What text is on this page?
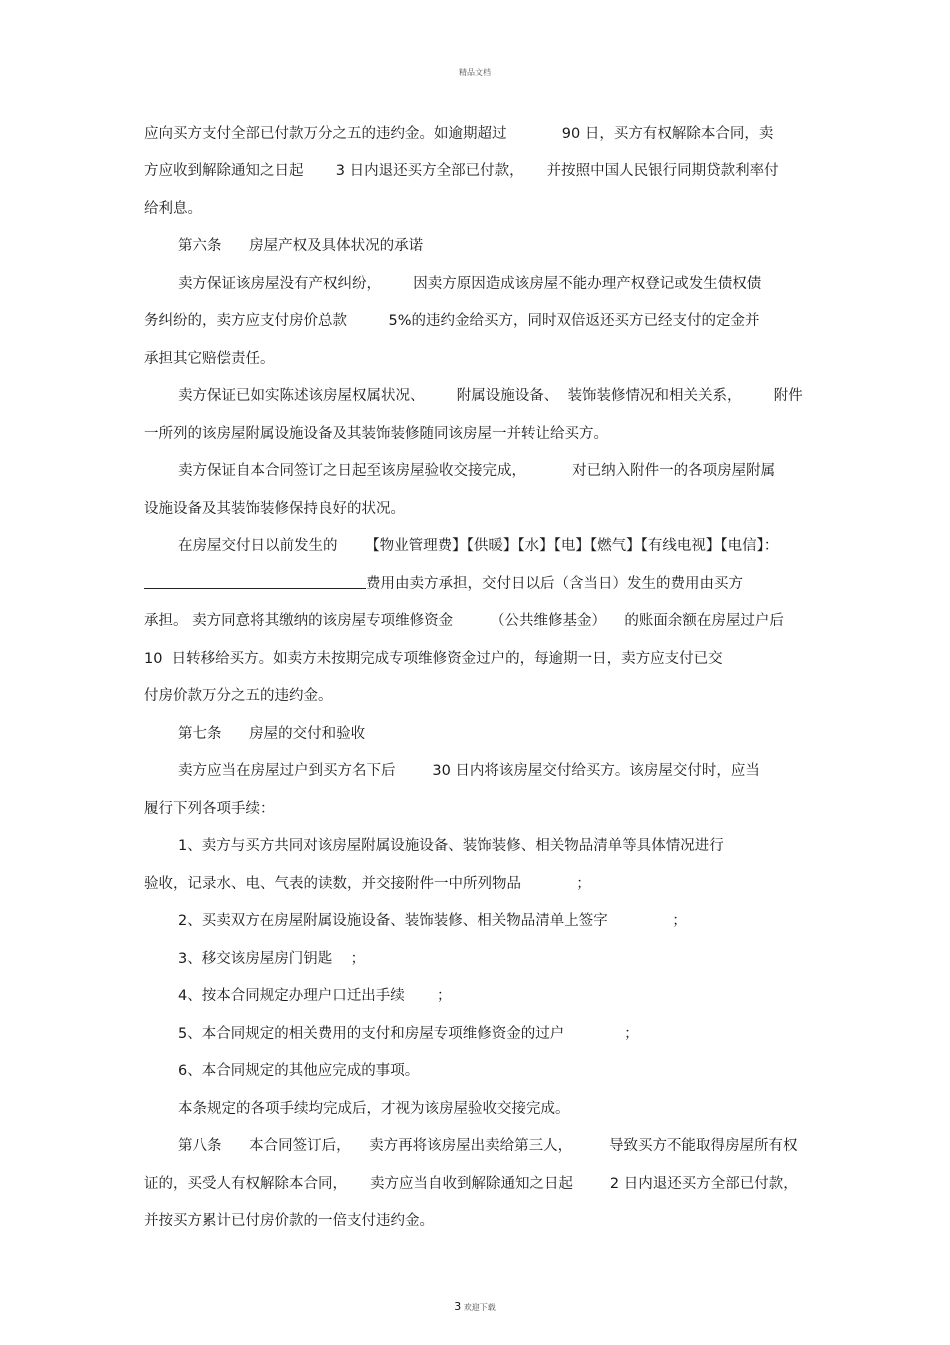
精品文档
应向买方支付全部已付款万分之五的违约金。如逾期超过            90 日，买方有权解除本合同，卖
方应收到解除通知之日起       3 日内退还买方全部已付款，     并按照中国人民银行同期贷款利率付
给利息。
第六条      房屋产权及具体状况的承诺
卖方保证该房屋没有产权纠纷，       因卖方原因造成该房屋不能办理产权登记或发生债权债
务纠纷的，卖方应支付房价总款         5%的违约金给买方，同时双倍返还买方已经支付的定金并
承担其它赔偿责任。
卖方保证已如实陈述该房屋权属状况、       附属设施设备、  装饰装修情况和相关关系，       附件
一所列的该房屋附属设施设备及其装饰装修随同该房屋一并转让给买方。
卖方保证自本合同签订之日起至该房屋验收交接完成，          对已纳入附件一的各项房屋附属
设施设备及其装饰装修保持良好的状况。
在房屋交付日以前发生的      【物业管理费】【供暖】【水】【电】【燃气】【有线电视】【电信】：
费用由卖方承担，交付日以后（含当日）发生的费用由买方
承担。 卖方同意将其缴纳的该房屋专项维修资金        （公共维修基金）    的账面余额在房屋过户后
10  日转移给买方。如卖方未按期完成专项维修资金过户的，每逾期一日，卖方应支付已交
付房价款万分之五的违约金。
第七条      房屋的交付和验收
卖方应当在房屋过户到买方名下后        30 日内将该房屋交付给买方。该房屋交付时，应当
履行下列各项手续：
1、卖方与买方共同对该房屋附属设施设备、装饰装修、相关物品清单等具体情况进行
验收，记录水、电、气表的读数，并交接附件一中所列物品            ；
2、买卖双方在房屋附属设施设备、装饰装修、相关物品清单上签字              ；
3、移交该房屋房门钥匙    ；
4、按本合同规定办理户口迁出手续       ；
5、本合同规定的相关费用的支付和房屋专项维修资金的过户             ；
6、本合同规定的其他应完成的事项。
本条规定的各项手续均完成后，才视为该房屋验收交接完成。
第八条      本合同签订后，    卖方再将该房屋出卖给第三人，        导致买方不能取得房屋所有权
证的，买受人有权解除本合同，     卖方应当自收到解除通知之日起        2 日内退还买方全部已付款，
并按买方累计已付房价款的一倍支付违约金。
3 欢迎下载
